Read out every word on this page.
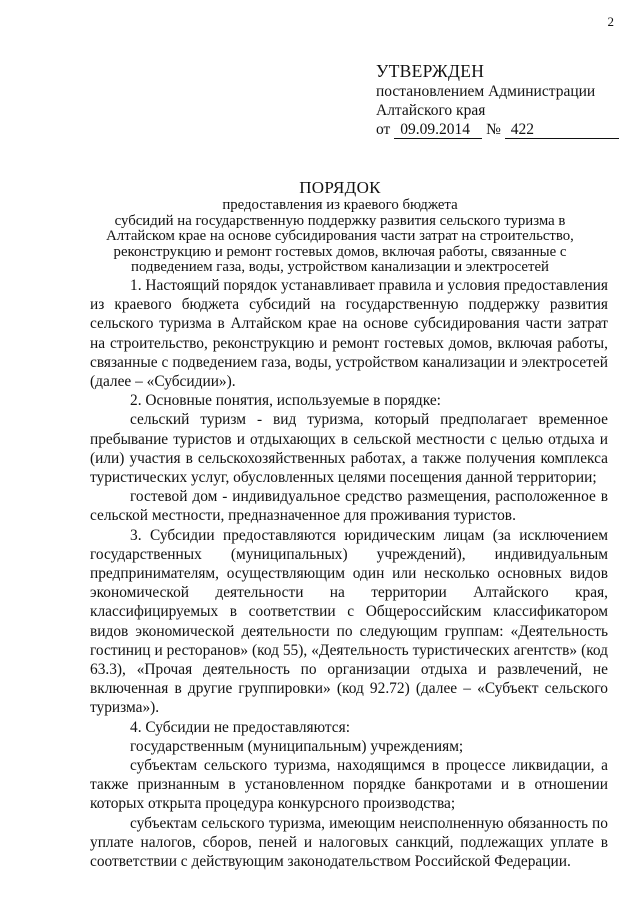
2
УТВЕРЖДЕН
постановлением Администрации
Алтайского края
от 09.09.2014 № 422
ПОРЯДОК
предоставления из краевого бюджета
субсидий на государственную поддержку развития сельского туризма в
Алтайском крае на основе субсидирования части затрат на строительство,
реконструкцию и ремонт гостевых домов, включая работы, связанные с
подведением газа, воды, устройством канализации и электросетей

1. Настоящий порядок устанавливает правила и условия предоставления из краевого бюджета субсидий на государственную поддержку развития сельского туризма в Алтайском крае на основе субсидирования части затрат на строительство, реконструкцию и ремонт гостевых домов, включая работы, связанные с подведением газа, воды, устройством канализации и электросетей (далее – «Субсидии»).

2. Основные понятия, используемые в порядке:

сельский туризм - вид туризма, который предполагает временное пребывание туристов и отдыхающих в сельской местности с целью отдыха и (или) участия в сельскохозяйственных работах, а также получения комплекса туристических услуг, обусловленных целями посещения данной территории;

гостевой дом - индивидуальное средство размещения, расположенное в сельской местности, предназначенное для проживания туристов.

3. Субсидии предоставляются юридическим лицам (за исключением государственных (муниципальных) учреждений), индивидуальным предпринимателям, осуществляющим один или несколько основных видов экономической деятельности на территории Алтайского края, классифицируемых в соответствии с Общероссийским классификатором видов экономической деятельности по следующим группам: «Деятельность гостиниц и ресторанов» (код 55), «Деятельность туристических агентств» (код 63.3), «Прочая деятельность по организации отдыха и развлечений, не включенная в другие группировки» (код 92.72) (далее – «Субъект сельского туризма»).

4. Субсидии не предоставляются:

государственным (муниципальным) учреждениям;

субъектам сельского туризма, находящимся в процессе ликвидации, а также признанным в установленном порядке банкротами и в отношении которых открыта процедура конкурсного производства;

субъектам сельского туризма, имеющим неисполненную обязанность по уплате налогов, сборов, пеней и налоговых санкций, подлежащих уплате в соответствии с действующим законодательством Российской Федерации.
